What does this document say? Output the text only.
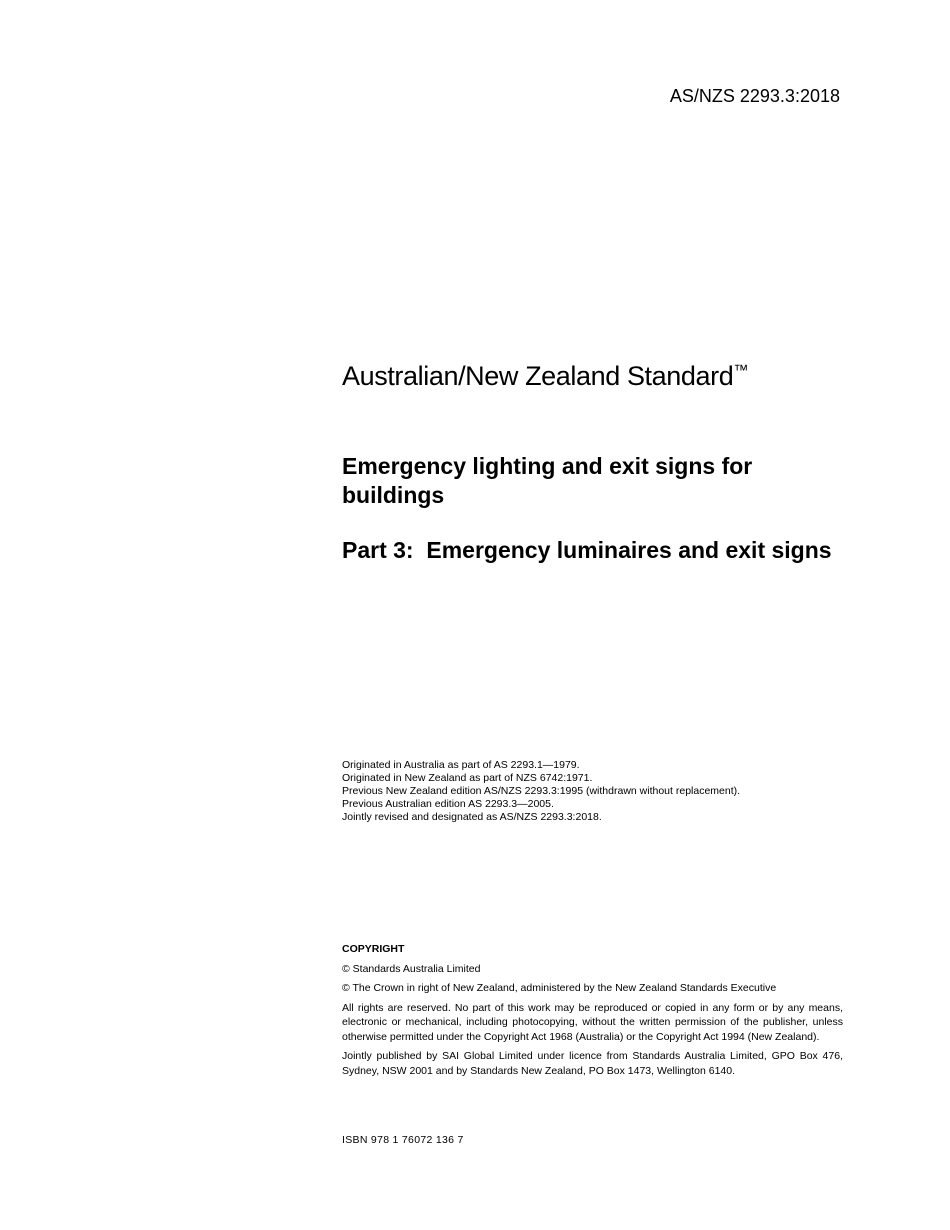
AS/NZS 2293.3:2018
Australian/New Zealand Standard™
Emergency lighting and exit signs for buildings
Part 3:  Emergency luminaires and exit signs
Originated in Australia as part of AS 2293.1—1979.
Originated in New Zealand as part of NZS 6742:1971.
Previous New Zealand edition AS/NZS 2293.3:1995 (withdrawn without replacement).
Previous Australian edition AS 2293.3—2005.
Jointly revised and designated as AS/NZS 2293.3:2018.
COPYRIGHT
© Standards Australia Limited
© The Crown in right of New Zealand, administered by the New Zealand Standards Executive
All rights are reserved. No part of this work may be reproduced or copied in any form or by any means, electronic or mechanical, including photocopying, without the written permission of the publisher, unless otherwise permitted under the Copyright Act 1968 (Australia) or the Copyright Act 1994 (New Zealand).
Jointly published by SAI Global Limited under licence from Standards Australia Limited, GPO Box 476, Sydney, NSW 2001 and by Standards New Zealand, PO Box 1473, Wellington 6140.
ISBN 978 1 76072 136 7
